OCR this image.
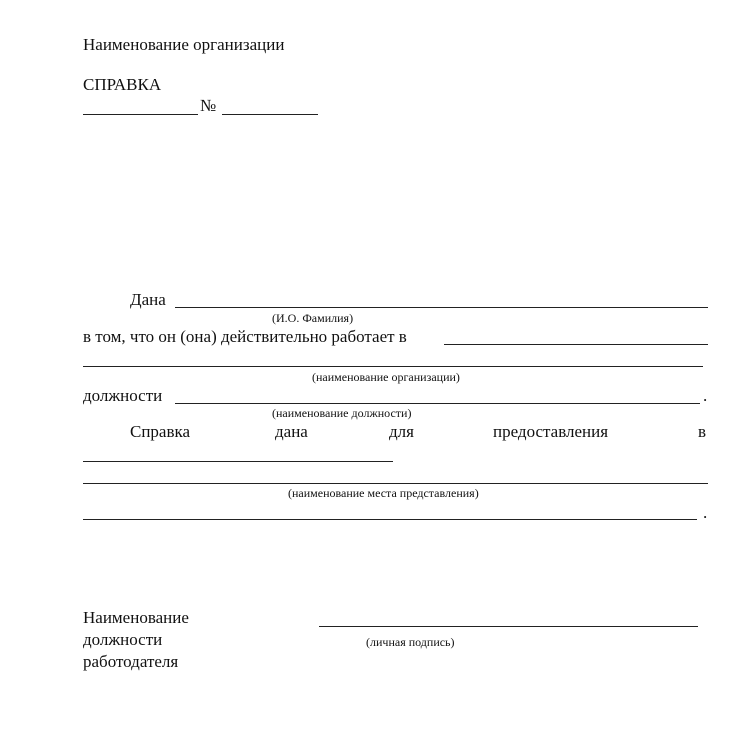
Наименование организации
СПРАВКА
№
Дана
(И.О. Фамилия)
в том, что он (она) действительно работает в
(наименование организации)
должности	.
(наименование должности)
Справка	дана	для	предоставления	в
(наименование места представления)
.
Наименование
должности
работодателя
(личная подпись)
